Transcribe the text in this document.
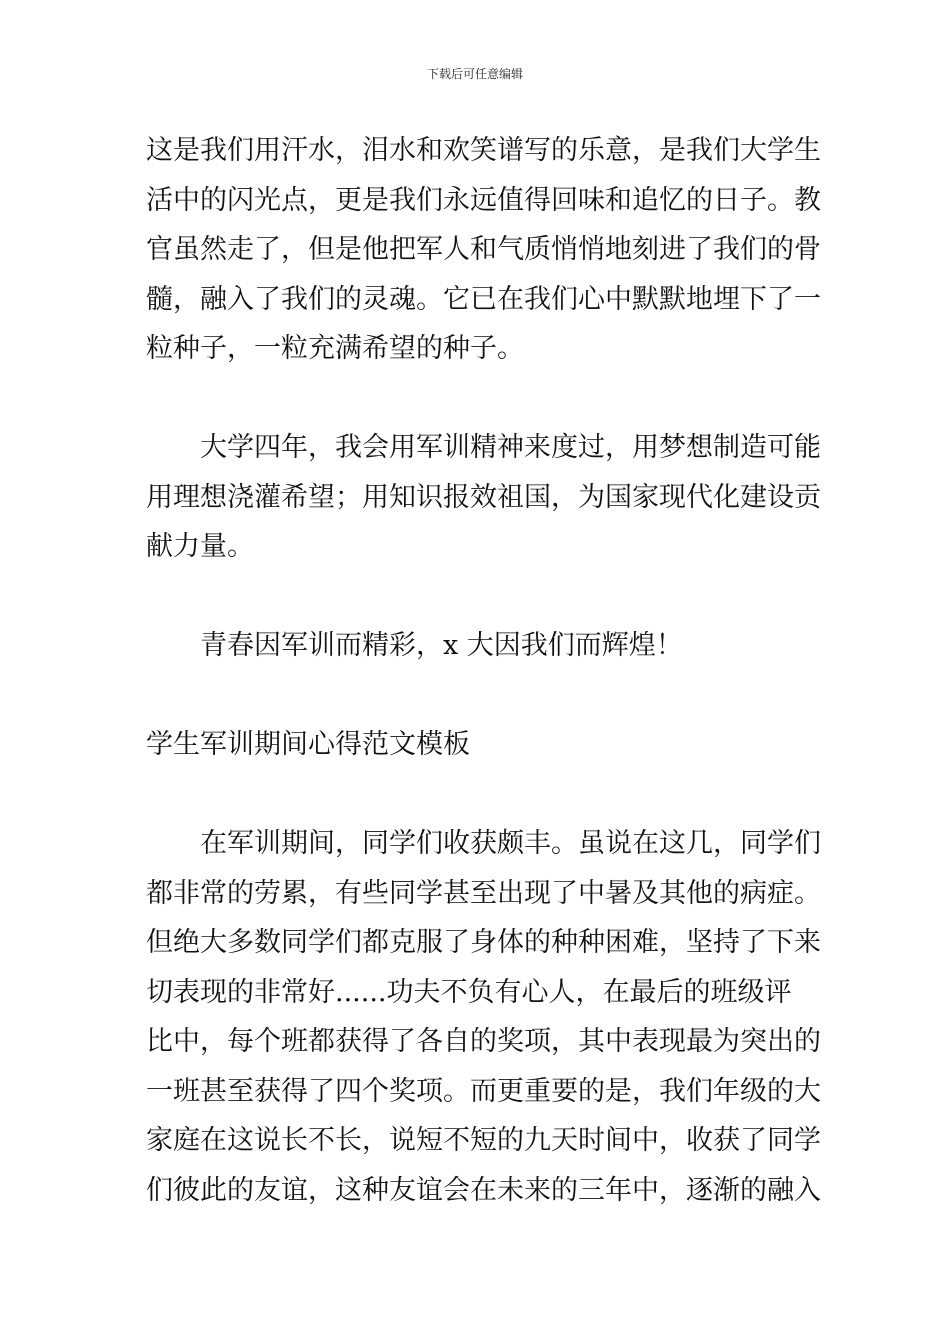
下载后可任意编辑

这是我们用汗水，泪水和欢笑谱写的乐意，是我们大学生
活中的闪光点，更是我们永远值得回味和追忆的日子。教
官虽然走了，但是他把军人和气质悄悄地刻进了我们的骨
髓，融入了我们的灵魂。它已在我们心中默默地埋下了一
粒种子，一粒充满希望的种子。

大学四年，我会用军训精神来度过，用梦想制造可能
用理想浇灌希望；用知识报效祖国，为国家现代化建设贡
献力量。

青春因军训而精彩，x 大因我们而辉煌！

学生军训期间心得范文模板

在军训期间，同学们收获颇丰。虽说在这几，同学们
都非常的劳累，有些同学甚至出现了中暑及其他的病症。
但绝大多数同学们都克服了身体的种种困难，坚持了下来
切表现的非常好......功夫不负有心人，在最后的班级评
比中，每个班都获得了各自的奖项，其中表现最为突出的
一班甚至获得了四个奖项。而更重要的是，我们年级的大
家庭在这说长不长，说短不短的九天时间中，收获了同学
们彼此的友谊，这种友谊会在未来的三年中，逐渐的融入
